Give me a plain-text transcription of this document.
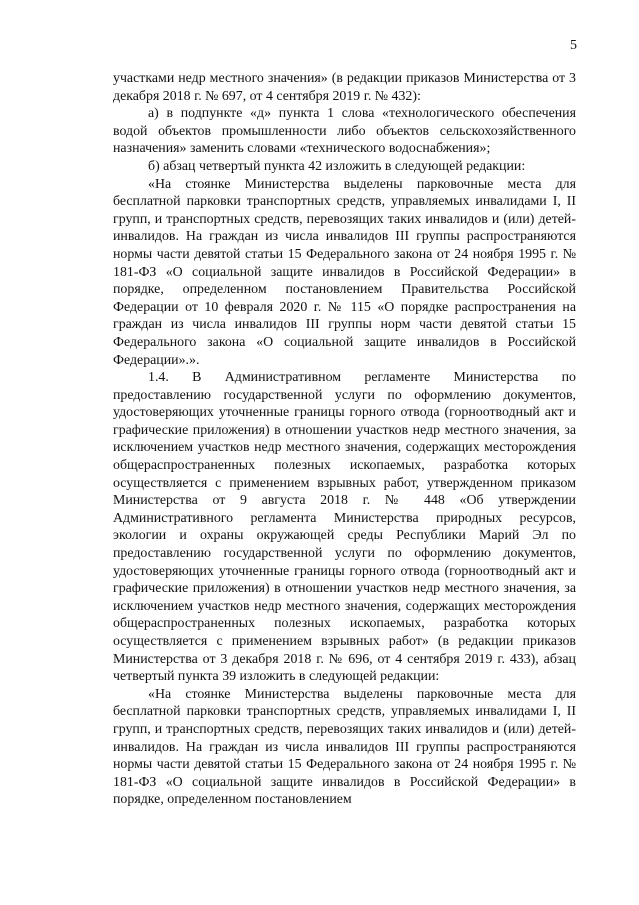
5

участками недр местного значения» (в редакции приказов Министерства от 3 декабря 2018 г. № 697, от 4 сентября 2019 г. № 432):

а) в подпункте «д» пункта 1 слова «технологического обеспечения водой объектов промышленности либо объектов сельскохозяйственного назначения» заменить словами «технического водоснабжения»;

б) абзац четвертый пункта 42 изложить в следующей редакции:

«На стоянке Министерства выделены парковочные места для бесплатной парковки транспортных средств, управляемых инвалидами I, II групп, и транспортных средств, перевозящих таких инвалидов и (или) детей-инвалидов. На граждан из числа инвалидов III группы распространяются нормы части девятой статьи 15 Федерального закона от 24 ноября 1995 г. № 181-ФЗ «О социальной защите инвалидов в Российской Федерации» в порядке, определенном постановлением Правительства Российской Федерации от 10 февраля 2020 г. № 115 «О порядке распространения на граждан из числа инвалидов III группы норм части девятой статьи 15 Федерального закона «О социальной защите инвалидов в Российской Федерации».».

1.4. В Административном регламенте Министерства по предоставлению государственной услуги по оформлению документов, удостоверяющих уточненные границы горного отвода (горноотводный акт и графические приложения) в отношении участков недр местного значения, за исключением участков недр местного значения, содержащих месторождения общераспространенных полезных ископаемых, разработка которых осуществляется с применением взрывных работ, утвержденном приказом Министерства от 9 августа 2018 г. № 448 «Об утверждении Административного регламента Министерства природных ресурсов, экологии и охраны окружающей среды Республики Марий Эл по предоставлению государственной услуги по оформлению документов, удостоверяющих уточненные границы горного отвода (горноотводный акт и графические приложения) в отношении участков недр местного значения, за исключением участков недр местного значения, содержащих месторождения общераспространенных полезных ископаемых, разработка которых осуществляется с применением взрывных работ» (в редакции приказов Министерства от 3 декабря 2018 г. № 696, от 4 сентября 2019 г. 433), абзац четвертый пункта 39 изложить в следующей редакции:

«На стоянке Министерства выделены парковочные места для бесплатной парковки транспортных средств, управляемых инвалидами I, II групп, и транспортных средств, перевозящих таких инвалидов и (или) детей-инвалидов. На граждан из числа инвалидов III группы распространяются нормы части девятой статьи 15 Федерального закона от 24 ноября 1995 г. № 181-ФЗ «О социальной защите инвалидов в Российской Федерации» в порядке, определенном постановлением
